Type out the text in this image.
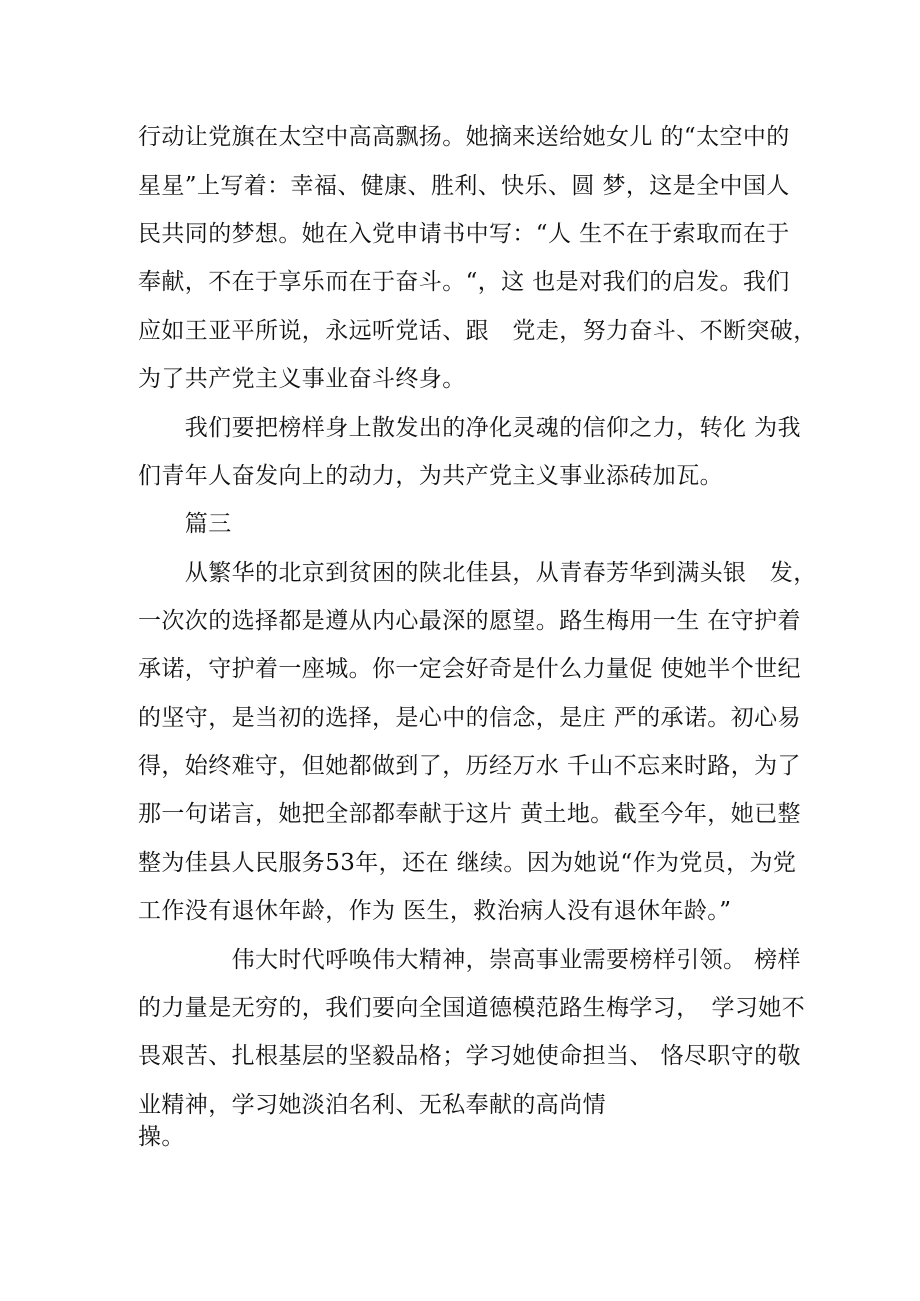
行动让党旗在太空中高高飘扬。她摘来送给她女儿 的“太空中的
星星”上写着：幸福、健康、胜利、快乐、圆 梦，这是全中国人
民共同的梦想。她在入党申请书中写：“人 生不在于索取而在于
奉献，不在于享乐而在于奋斗。“，这 也是对我们的启发。我们
应如王亚平所说，永远听党话、跟　党走，努力奋斗、不断突破，
为了共产党主义事业奋斗终身。
　　我们要把榜样身上散发出的净化灵魂的信仰之力，转化 为我
们青年人奋发向上的动力，为共产党主义事业添砖加瓦。
　　篇三
　　从繁华的北京到贫困的陕北佳县，从青春芳华到满头银　发，
一次次的选择都是遵从内心最深的愿望。路生梅用一生 在守护着
承诺，守护着一座城。你一定会好奇是什么力量促 使她半个世纪
的坚守，是当初的选择，是心中的信念，是庄 严的承诺。初心易
得，始终难守，但她都做到了，历经万水 千山不忘来时路，为了
那一句诺言，她把全部都奉献于这片 黄土地。截至今年，她已整
整为佳县人民服务53年，还在 继续。因为她说“作为党员，为党
工作没有退休年龄，作为 医生，救治病人没有退休年龄。”
　　　　伟大时代呼唤伟大精神，崇高事业需要榜样引领。 榜样
的力量是无穷的，我们要向全国道德模范路生梅学习，　学习她不
畏艰苦、扎根基层的坚毅品格；学习她使命担当、 恪尽职守的敬
业精神，学习她淡泊名利、无私奉献的高尚情
操。
